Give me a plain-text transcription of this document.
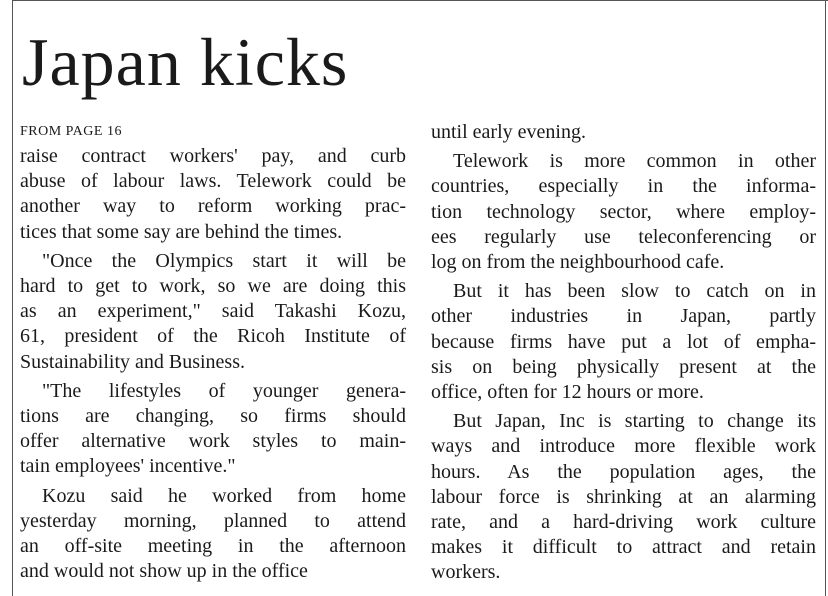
Japan kicks
FROM PAGE 16
raise contract workers' pay, and curb
abuse of labour laws. Telework could be
another way to reform working prac-
tices that some say are behind the times.
"Once the Olympics start it will be
hard to get to work, so we are doing this
as an experiment," said Takashi Kozu,
61, president of the Ricoh Institute of
Sustainability and Business.
"The lifestyles of younger genera-
tions are changing, so firms should
offer alternative work styles to main-
tain employees' incentive."
Kozu said he worked from home
yesterday morning, planned to attend
an off-site meeting in the afternoon
and would not show up in the office
until early evening.
Telework is more common in other
countries, especially in the informa-
tion technology sector, where employ-
ees regularly use teleconferencing or
log on from the neighbourhood cafe.
But it has been slow to catch on in
other industries in Japan, partly
because firms have put a lot of empha-
sis on being physically present at the
office, often for 12 hours or more.
But Japan, Inc is starting to change its
ways and introduce more flexible work
hours. As the population ages, the
labour force is shrinking at an alarming
rate, and a hard-driving work culture
makes it difficult to attract and retain
workers.
